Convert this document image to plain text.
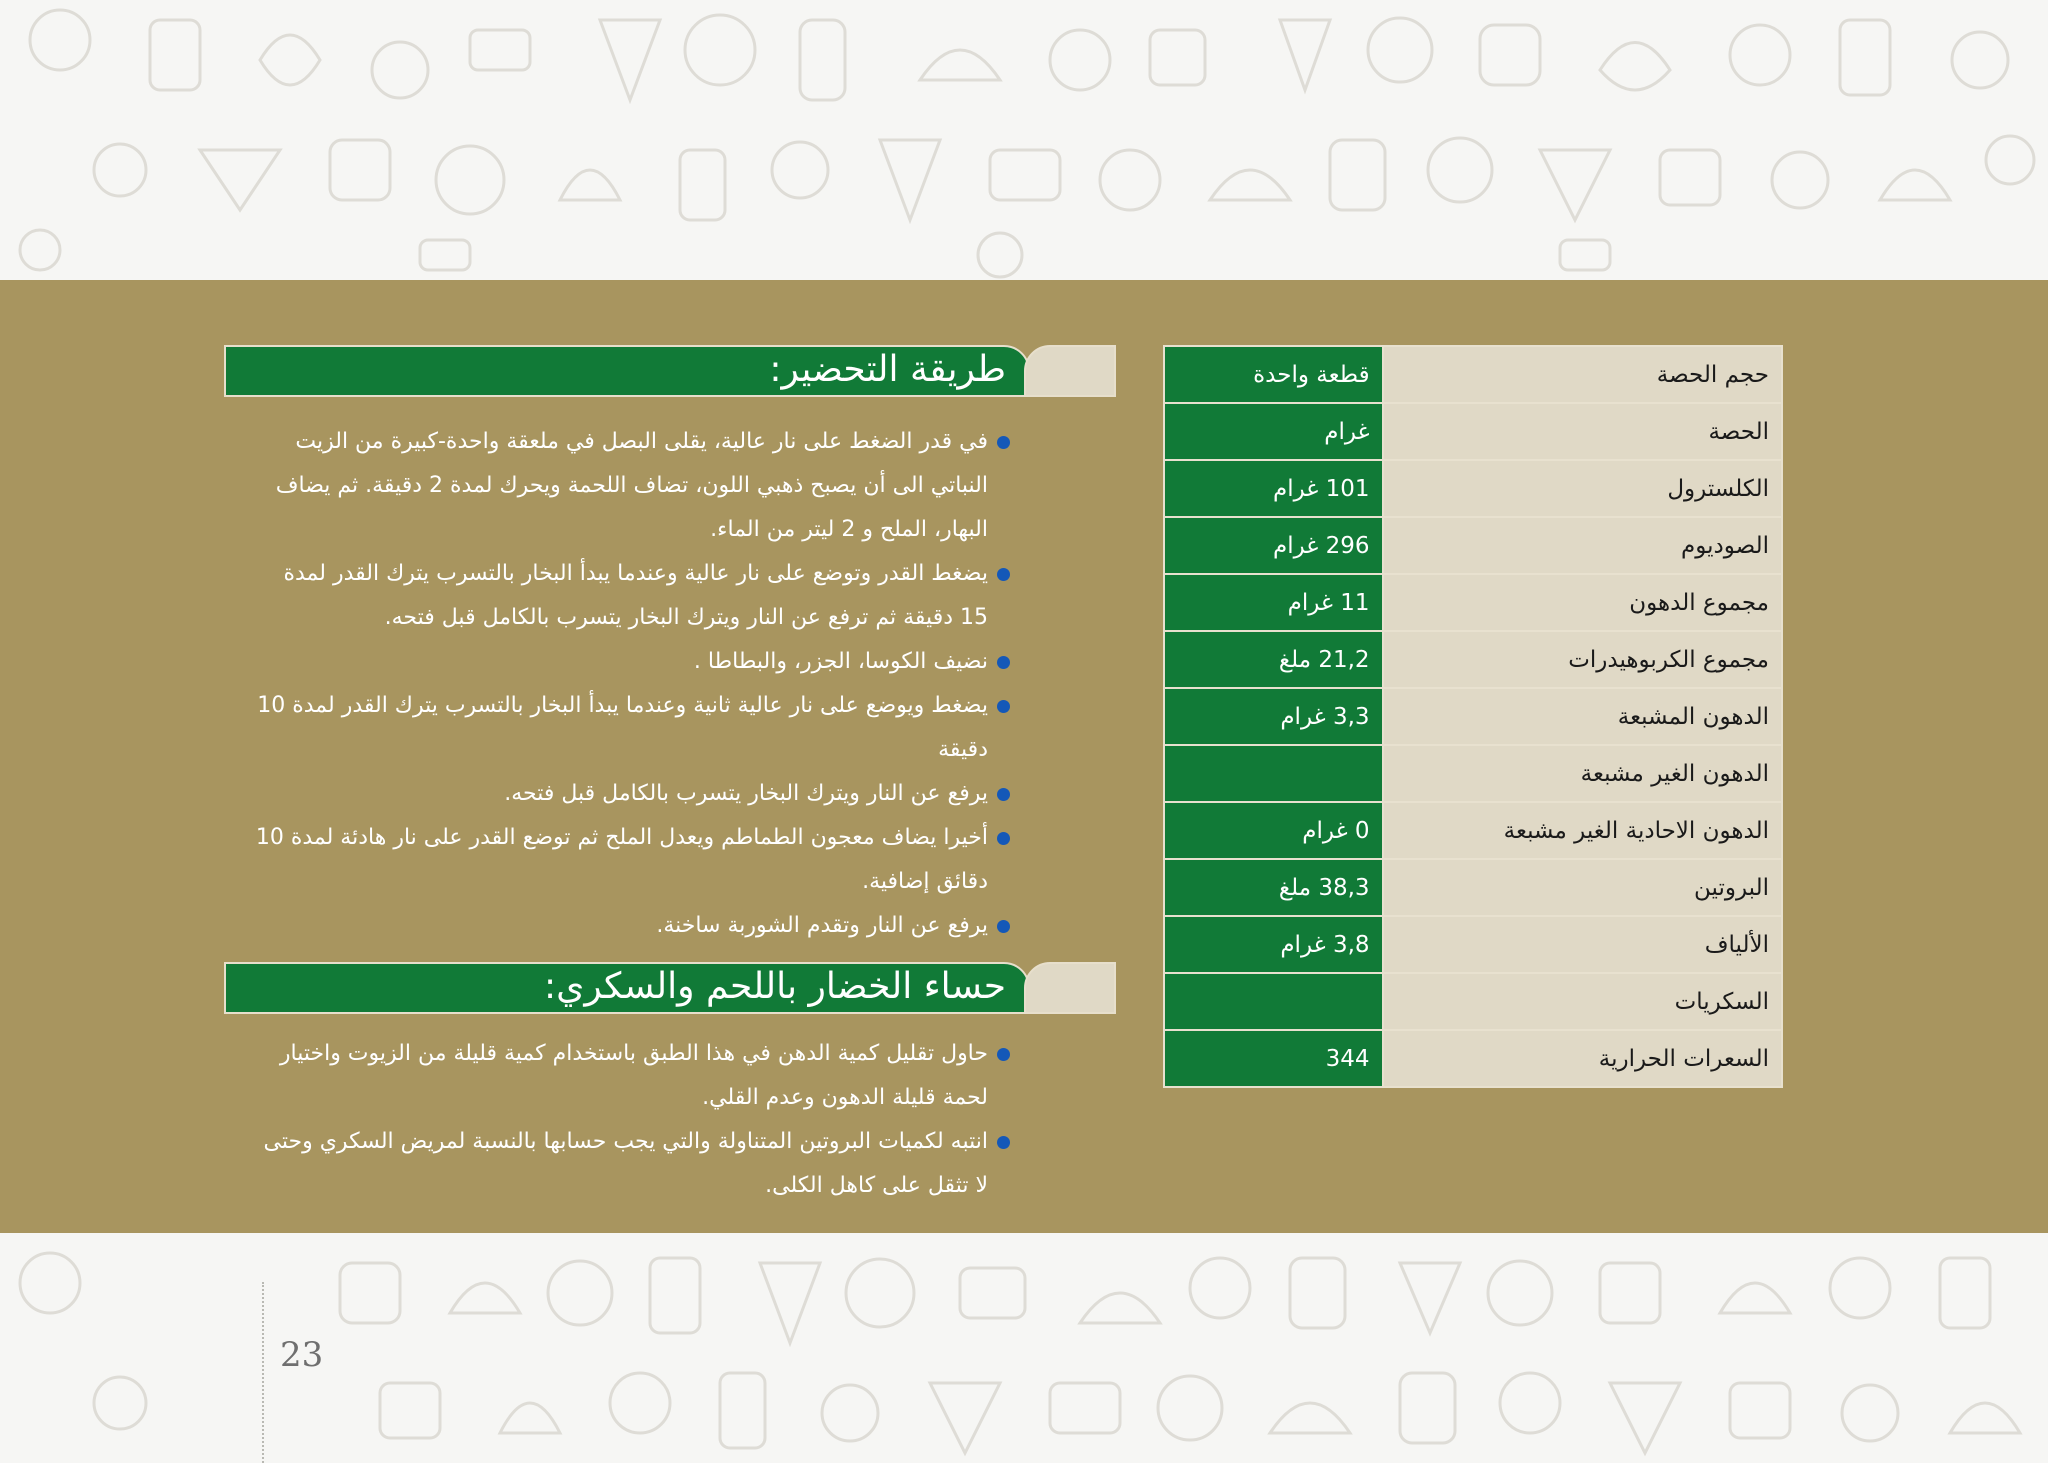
طريقة التحضير:
في قدر الضغط على نار عالية، يقلى البصل في ملعقة واحدة-كبيرة من الزيت النباتي الى أن يصبح ذهبي اللون، تضاف اللحمة ويحرك لمدة 2 دقيقة. ثم يضاف البهار، الملح و 2 ليتر من الماء.
يضغط القدر وتوضع على نار عالية وعندما يبدأ البخار بالتسرب يترك القدر لمدة 15 دقيقة ثم ترفع عن النار ويترك البخار يتسرب بالكامل قبل فتحه.
نضيف الكوسا، الجزر، والبطاطا .
يضغط ويوضع على نار عالية ثانية وعندما يبدأ البخار بالتسرب يترك القدر لمدة 10 دقيقة
يرفع عن النار ويترك البخار يتسرب بالكامل قبل فتحه.
أخيرا يضاف معجون الطماطم ويعدل الملح ثم توضع القدر على نار هادئة لمدة 10 دقائق إضافية.
يرفع عن النار وتقدم الشوربة ساخنة.
حساء الخضار باللحم والسكري:
حاول تقليل كمية الدهن في هذا الطبق باستخدام كمية قليلة من الزيوت واختيار لحمة قليلة الدهون وعدم القلي.
انتبه لكميات البروتين المتناولة والتي يجب حسابها بالنسبة لمريض السكري وحتى لا تثقل على كاهل الكلى.
حجم الحصة	قطعة واحدة
الحصة	غرام
الكلسترول	101 غرام
الصوديوم	296 غرام
مجموع الدهون	11 غرام
مجموع الكربوهيدرات	21,2 ملغ
الدهون المشبعة	3,3 غرام
الدهون الغير مشبعة	
الدهون الاحادية الغير مشبعة	0 غرام
البروتين	38,3 ملغ
الألياف	3,8 غرام
السكريات	
السعرات الحرارية	344
23
